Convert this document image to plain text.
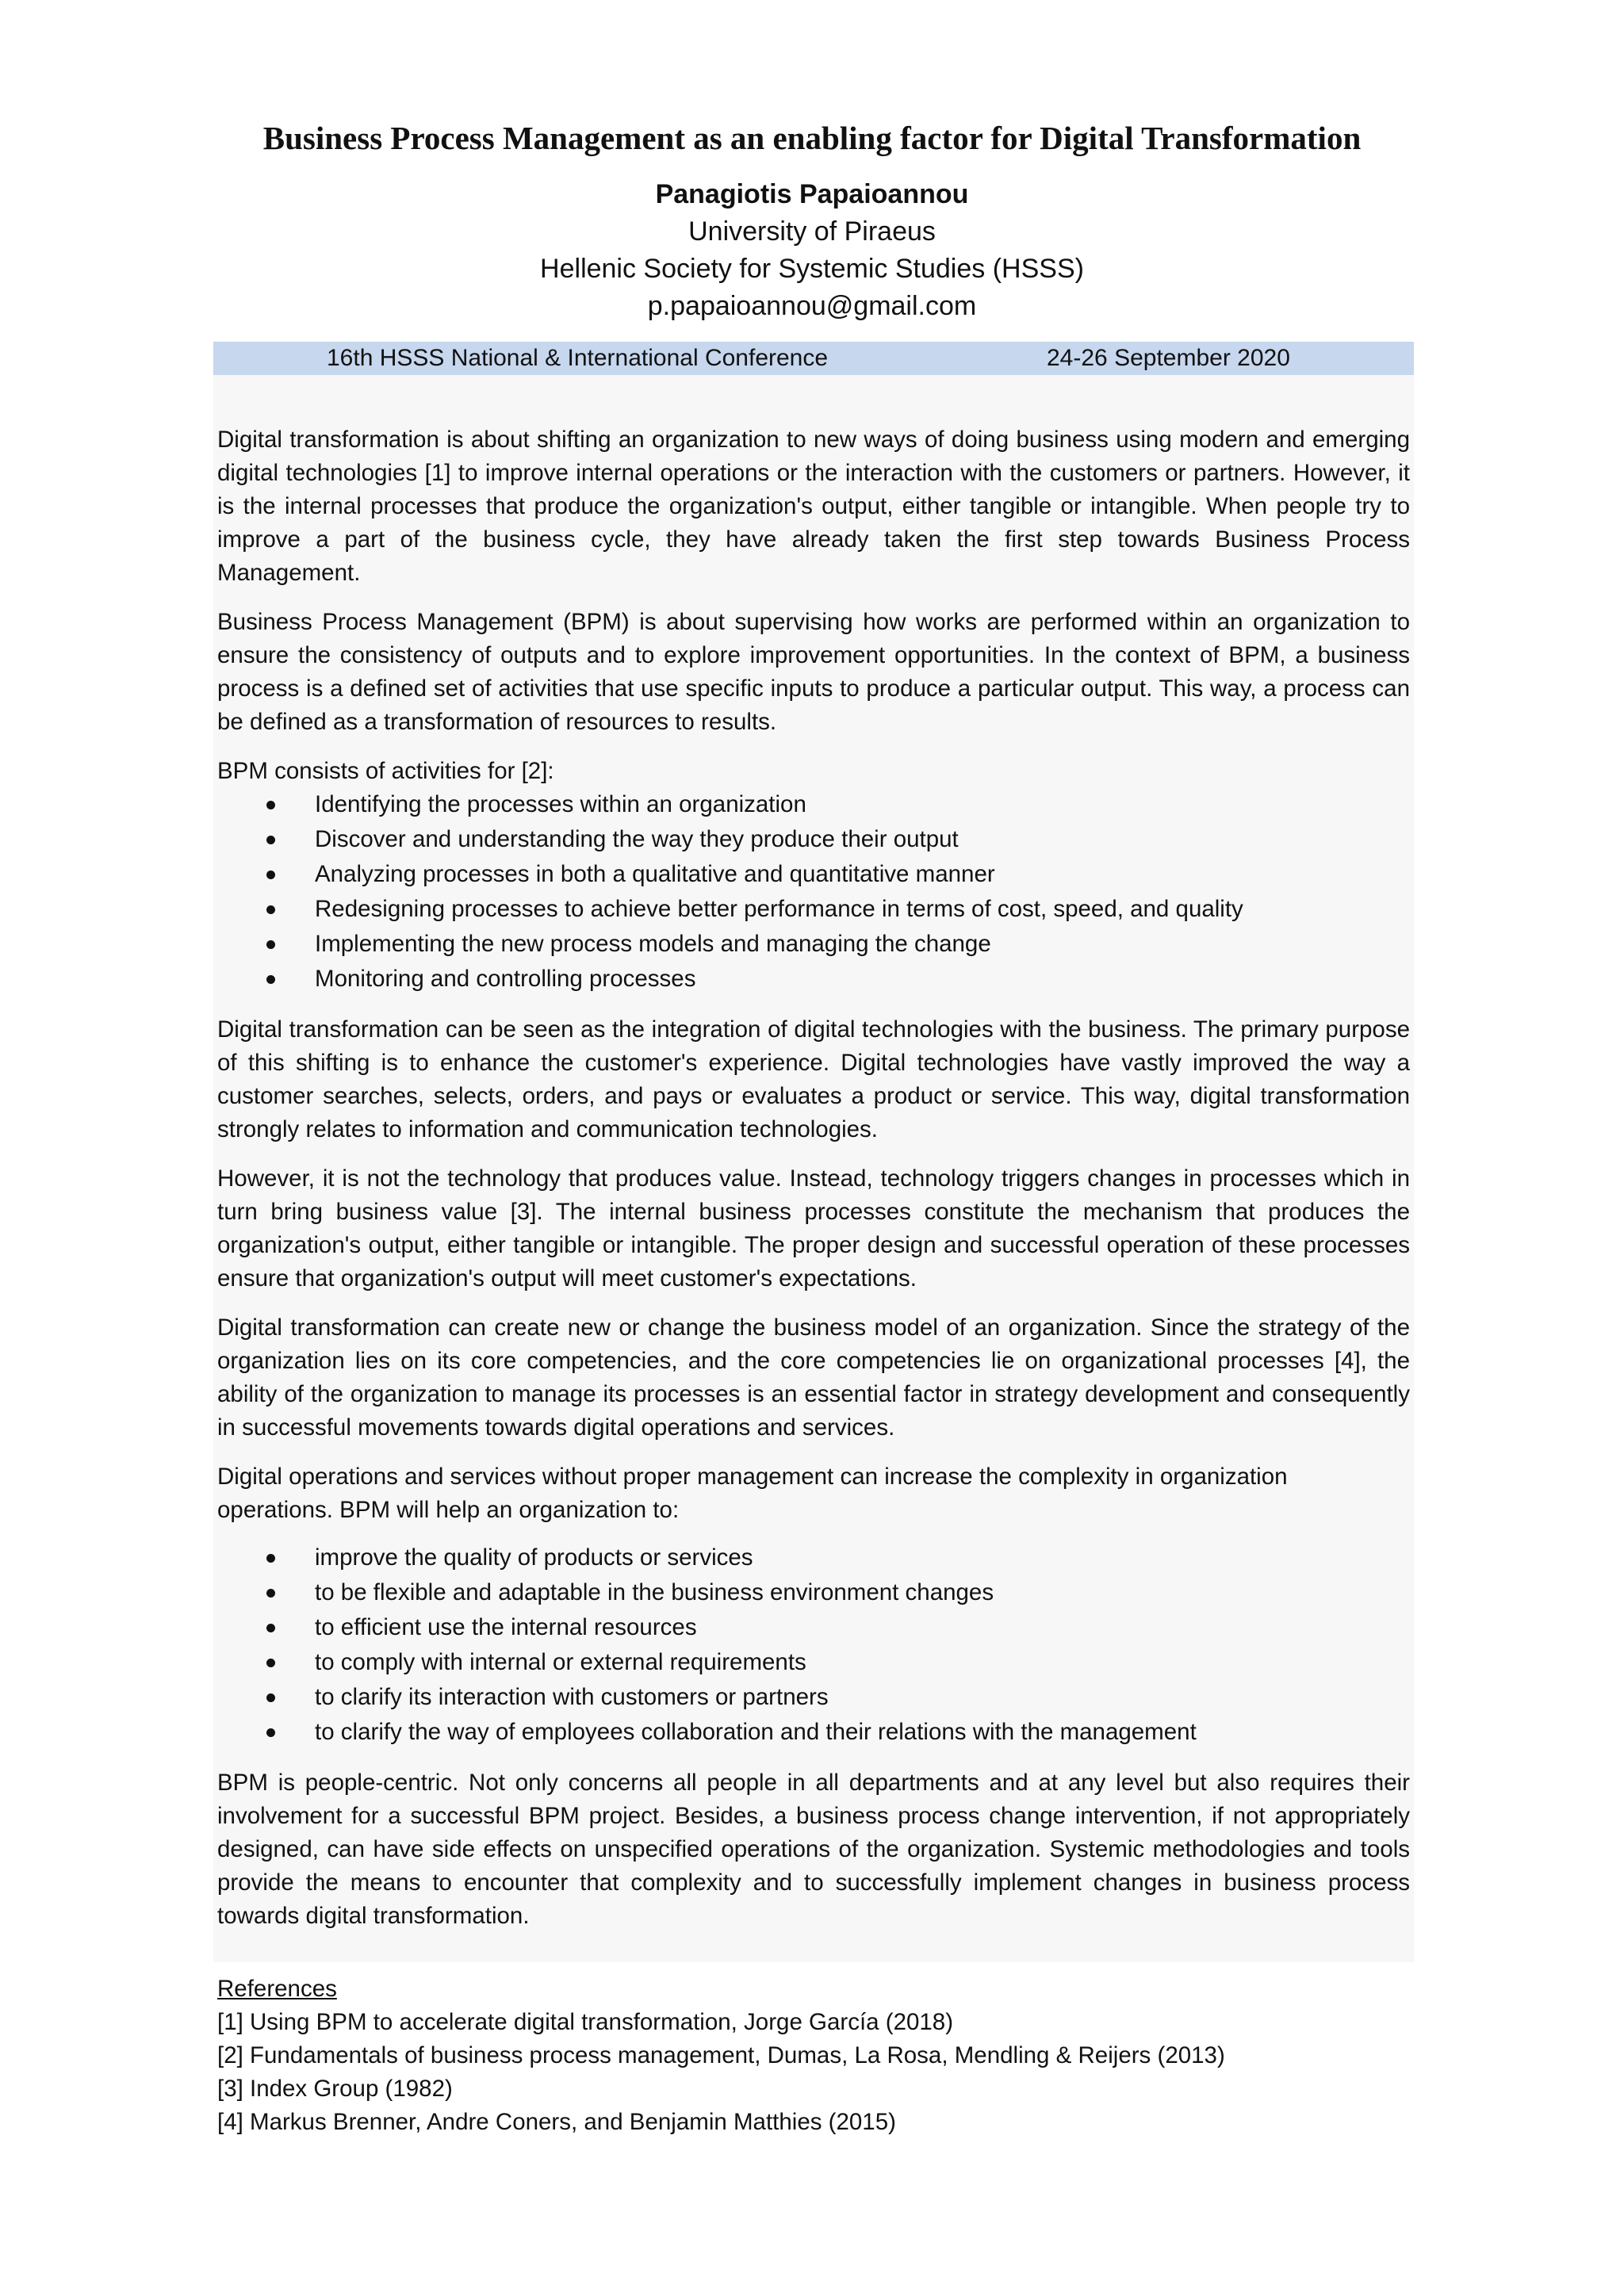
Business Process Management as an enabling factor for Digital Transformation
Panagiotis Papaioannou
University of Piraeus
Hellenic Society for Systemic Studies (HSSS)
p.papaioannou@gmail.com
16th HSSS National & International Conference	24-26 September 2020

Digital transformation is about shifting an organization to new ways of doing business using modern and emerging digital technologies [1] to improve internal operations or the interaction with the customers or partners. However, it is the internal processes that produce the organization's output, either tangible or intangible. When people try to improve a part of the business cycle, they have already taken the first step towards Business Process Management.

Business Process Management (BPM) is about supervising how works are performed within an organization to ensure the consistency of outputs and to explore improvement opportunities. In the context of BPM, a business process is a defined set of activities that use specific inputs to produce a particular output. This way, a process can be defined as a transformation of resources to results.

BPM consists of activities for [2]:

Identifying the processes within an organization
Discover and understanding the way they produce their output
Analyzing processes in both a qualitative and quantitative manner
Redesigning processes to achieve better performance in terms of cost, speed, and quality
Implementing the new process models and managing the change
Monitoring and controlling processes

Digital transformation can be seen as the integration of digital technologies with the business. The primary purpose of this shifting is to enhance the customer's experience. Digital technologies have vastly improved the way a customer searches, selects, orders, and pays or evaluates a product or service. This way, digital transformation strongly relates to information and communication technologies.

However, it is not the technology that produces value. Instead, technology triggers changes in processes which in turn bring business value [3]. The internal business processes constitute the mechanism that produces the organization's output, either tangible or intangible. The proper design and successful operation of these processes ensure that organization's output will meet customer's expectations.

Digital transformation can create new or change the business model of an organization. Since the strategy of the organization lies on its core competencies, and the core competencies lie on organizational processes [4], the ability of the organization to manage its processes is an essential factor in strategy development and consequently in successful movements towards digital operations and services.

Digital operations and services without proper management can increase the complexity in organization

operations. BPM will help an organization to:

improve the quality of products or services
to be flexible and adaptable in the business environment changes
to efficient use the internal resources
to comply with internal or external requirements
to clarify its interaction with customers or partners
to clarify the way of employees collaboration and their relations with the management

BPM is people-centric. Not only concerns all people in all departments and at any level but also requires their involvement for a successful BPM project. Besides, a business process change intervention, if not appropriately designed, can have side effects on unspecified operations of the organization. Systemic methodologies and tools provide the means to encounter that complexity and to successfully implement changes in business process towards digital transformation.

References
[1] Using BPM to accelerate digital transformation, Jorge García (2018)
[2] Fundamentals of business process management, Dumas, La Rosa, Mendling & Reijers (2013)
[3] Index Group (1982)
[4] Markus Brenner, Andre Coners, and Benjamin Matthies (2015)
